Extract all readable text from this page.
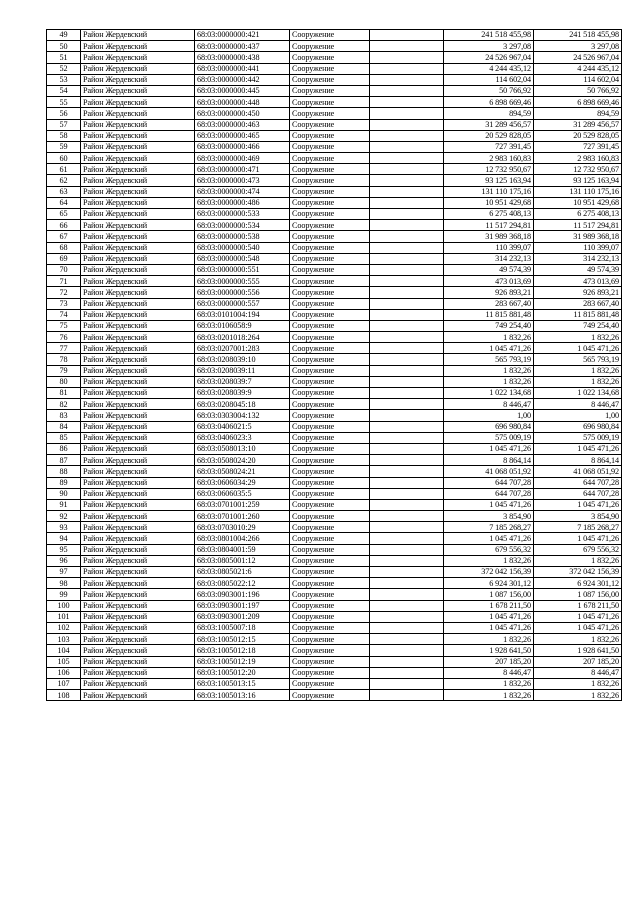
49	Район Жердевский	68:03:0000000:421	Сооружение		241 518 455,98	241 518 455,98
50	Район Жердевский	68:03:0000000:437	Сооружение		3 297,08	3 297,08
51	Район Жердевский	68:03:0000000:438	Сооружение		24 526 967,04	24 526 967,04
52	Район Жердевский	68:03:0000000:441	Сооружение		4 244 435,12	4 244 435,12
53	Район Жердевский	68:03:0000000:442	Сооружение		114 602,04	114 602,04
54	Район Жердевский	68:03:0000000:445	Сооружение		50 766,92	50 766,92
55	Район Жердевский	68:03:0000000:448	Сооружение		6 898 669,46	6 898 669,46
56	Район Жердевский	68:03:0000000:450	Сооружение		894,59	894,59
57	Район Жердевский	68:03:0000000:463	Сооружение		31 289 456,57	31 289 456,57
58	Район Жердевский	68:03:0000000:465	Сооружение		20 529 828,05	20 529 828,05
59	Район Жердевский	68:03:0000000:466	Сооружение		727 391,45	727 391,45
60	Район Жердевский	68:03:0000000:469	Сооружение		2 983 160,83	2 983 160,83
61	Район Жердевский	68:03:0000000:471	Сооружение		12 732 950,67	12 732 950,67
62	Район Жердевский	68:03:0000000:473	Сооружение		93 125 163,94	93 125 163,94
63	Район Жердевский	68:03:0000000:474	Сооружение		131 110 175,16	131 110 175,16
64	Район Жердевский	68:03:0000000:486	Сооружение		10 951 429,68	10 951 429,68
65	Район Жердевский	68:03:0000000:533	Сооружение		6 275 408,13	6 275 408,13
66	Район Жердевский	68:03:0000000:534	Сооружение		11 517 294,81	11 517 294,81
67	Район Жердевский	68:03:0000000:538	Сооружение		31 989 368,18	31 989 368,18
68	Район Жердевский	68:03:0000000:540	Сооружение		110 399,07	110 399,07
69	Район Жердевский	68:03:0000000:548	Сооружение		314 232,13	314 232,13
70	Район Жердевский	68:03:0000000:551	Сооружение		49 574,39	49 574,39
71	Район Жердевский	68:03:0000000:555	Сооружение		473 013,69	473 013,69
72	Район Жердевский	68:03:0000000:556	Сооружение		926 893,21	926 893,21
73	Район Жердевский	68:03:0000000:557	Сооружение		283 667,40	283 667,40
74	Район Жердевский	68:03:0101004:194	Сооружение		11 815 881,48	11 815 881,48
75	Район Жердевский	68:03:0106058:9	Сооружение		749 254,40	749 254,40
76	Район Жердевский	68:03:0201018:264	Сооружение		1 832,26	1 832,26
77	Район Жердевский	68:03:0207001:283	Сооружение		1 045 471,26	1 045 471,26
78	Район Жердевский	68:03:0208039:10	Сооружение		565 793,19	565 793,19
79	Район Жердевский	68:03:0208039:11	Сооружение		1 832,26	1 832,26
80	Район Жердевский	68:03:0208039:7	Сооружение		1 832,26	1 832,26
81	Район Жердевский	68:03:0208039:9	Сооружение		1 022 134,68	1 022 134,68
82	Район Жердевский	68:03:0208045:18	Сооружение		8 446,47	8 446,47
83	Район Жердевский	68:03:0303004:132	Сооружение		1,00	1,00
84	Район Жердевский	68:03:0406021:5	Сооружение		696 980,84	696 980,84
85	Район Жердевский	68:03:0406023:3	Сооружение		575 009,19	575 009,19
86	Район Жердевский	68:03:0508013:10	Сооружение		1 045 471,26	1 045 471,26
87	Район Жердевский	68:03:0508024:20	Сооружение		8 864,14	8 864,14
88	Район Жердевский	68:03:0508024:21	Сооружение		41 068 051,92	41 068 051,92
89	Район Жердевский	68:03:0606034:29	Сооружение		644 707,28	644 707,28
90	Район Жердевский	68:03:0606035:5	Сооружение		644 707,28	644 707,28
91	Район Жердевский	68:03:0701001:259	Сооружение		1 045 471,26	1 045 471,26
92	Район Жердевский	68:03:0701001:260	Сооружение		3 854,90	3 854,90
93	Район Жердевский	68:03:0703010:29	Сооружение		7 185 268,27	7 185 268,27
94	Район Жердевский	68:03:0801004:266	Сооружение		1 045 471,26	1 045 471,26
95	Район Жердевский	68:03:0804001:59	Сооружение		679 556,32	679 556,32
96	Район Жердевский	68:03:0805001:12	Сооружение		1 832,26	1 832,26
97	Район Жердевский	68:03:0805021:6	Сооружение		372 042 156,39	372 042 156,39
98	Район Жердевский	68:03:0805022:12	Сооружение		6 924 301,12	6 924 301,12
99	Район Жердевский	68:03:0903001:196	Сооружение		1 087 156,00	1 087 156,00
100	Район Жердевский	68:03:0903001:197	Сооружение		1 678 211,50	1 678 211,50
101	Район Жердевский	68:03:0903001:209	Сооружение		1 045 471,26	1 045 471,26
102	Район Жердевский	68:03:1005007:18	Сооружение		1 045 471,26	1 045 471,26
103	Район Жердевский	68:03:1005012:15	Сооружение		1 832,26	1 832,26
104	Район Жердевский	68:03:1005012:18	Сооружение		1 928 641,50	1 928 641,50
105	Район Жердевский	68:03:1005012:19	Сооружение		207 185,20	207 185,20
106	Район Жердевский	68:03:1005012:20	Сооружение		8 446,47	8 446,47
107	Район Жердевский	68:03:1005013:15	Сооружение		1 832,26	1 832,26
108	Район Жердевский	68:03:1005013:16	Сооружение		1 832,26	1 832,26
